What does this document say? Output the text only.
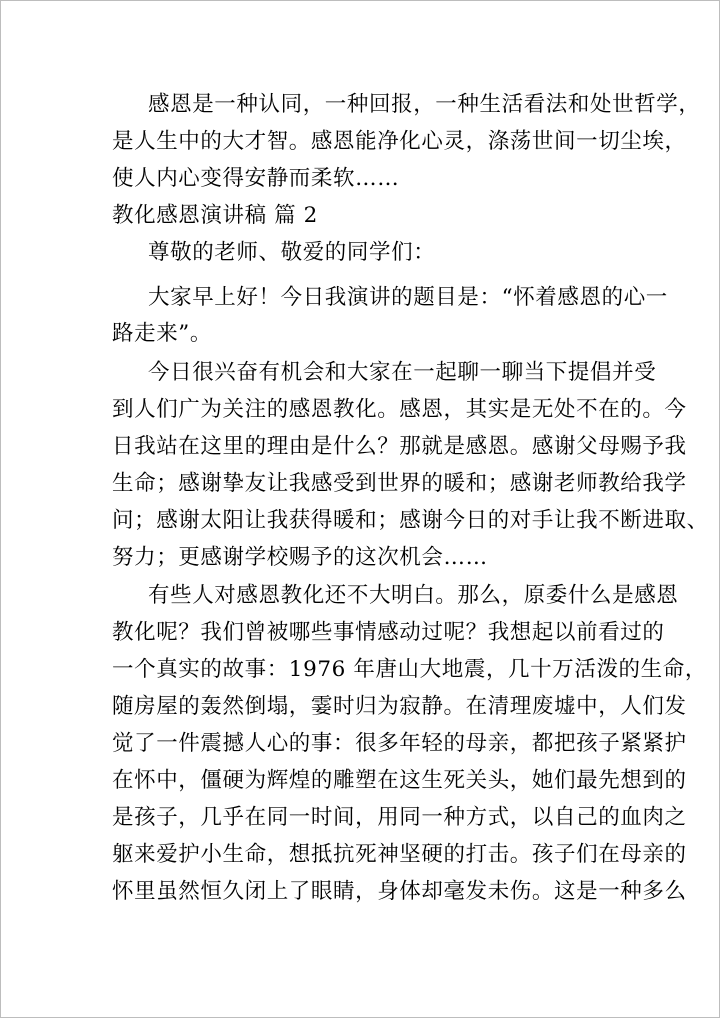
感恩是一种认同，一种回报，一种生活看法和处世哲学，
是人生中的大才智。感恩能净化心灵，涤荡世间一切尘埃，
使人内心变得安静而柔软……
教化感恩演讲稿 篇 2
尊敬的老师、敬爱的同学们：
大家早上好！今日我演讲的题目是：“怀着感恩的心一
路走来”。
今日很兴奋有机会和大家在一起聊一聊当下提倡并受
到人们广为关注的感恩教化。感恩，其实是无处不在的。今
日我站在这里的理由是什么？那就是感恩。感谢父母赐予我
生命；感谢挚友让我感受到世界的暖和；感谢老师教给我学
问；感谢太阳让我获得暖和；感谢今日的对手让我不断进取、
努力；更感谢学校赐予的这次机会……
有些人对感恩教化还不大明白。那么，原委什么是感恩
教化呢？我们曾被哪些事情感动过呢？我想起以前看过的
一个真实的故事：1976 年唐山大地震，几十万活泼的生命，
随房屋的轰然倒塌，霎时归为寂静。在清理废墟中，人们发
觉了一件震撼人心的事：很多年轻的母亲，都把孩子紧紧护
在怀中，僵硬为辉煌的雕塑在这生死关头，她们最先想到的
是孩子，几乎在同一时间，用同一种方式，以自己的血肉之
躯来爱护小生命，想抵抗死神坚硬的打击。孩子们在母亲的
怀里虽然恒久闭上了眼睛，身体却毫发未伤。这是一种多么
